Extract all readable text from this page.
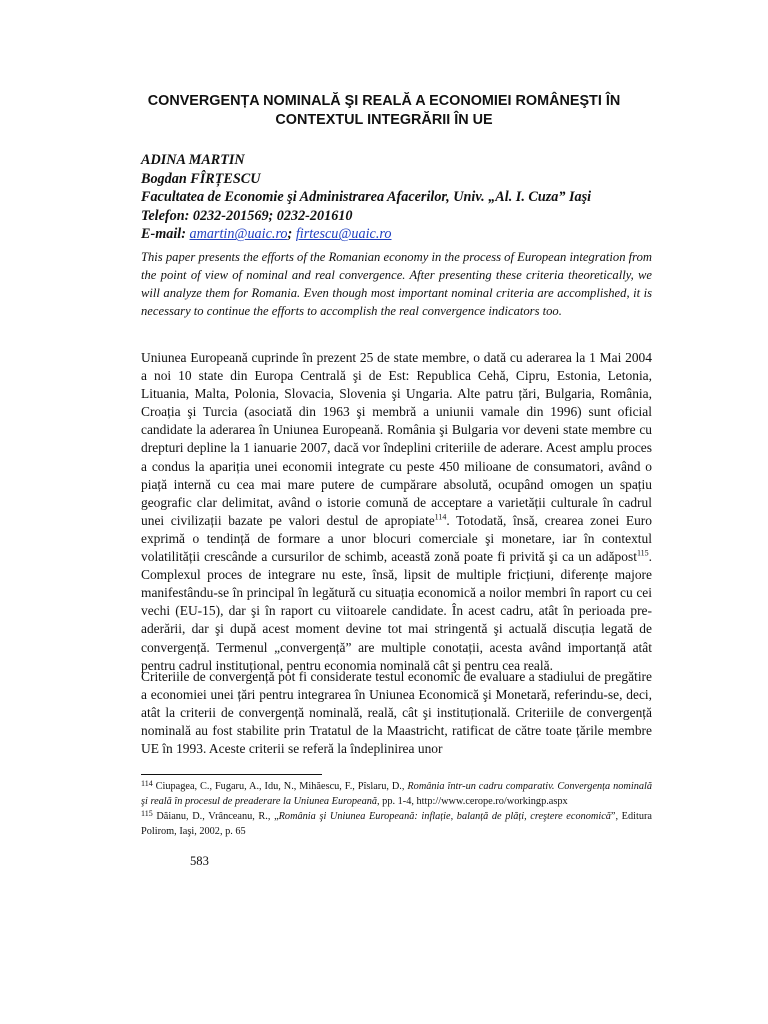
CONVERGENȚA NOMINALĂ ŞI REALĂ A ECONOMIEI ROMÂNEŞTI ÎN
CONTEXTUL INTEGRĂRII ÎN UE
ADINA MARTIN
Bogdan FÎRȚESCU
Facultatea de Economie şi Administrarea Afacerilor, Univ. „Al. I. Cuza” Iaşi
Telefon: 0232-201569; 0232-201610
E-mail: amartin@uaic.ro; firtescu@uaic.ro

This paper presents the efforts of the Romanian economy in the process of European integration from the point of view of nominal and real convergence. After presenting these criteria theoretically, we will analyze them for Romania. Even though most important nominal criteria are accomplished, it is necessary to continue the efforts to accomplish the real convergence indicators too.

Uniunea Europeană cuprinde în prezent 25 de state membre, o dată cu aderarea la 1 Mai 2004 a noi 10 state din Europa Centrală şi de Est: Republica Cehă, Cipru, Estonia, Letonia, Lituania, Malta, Polonia, Slovacia, Slovenia şi Ungaria. Alte patru țări, Bulgaria, România, Croația şi Turcia (asociată din 1963 şi membră a uniunii vamale din 1996) sunt oficial candidate la aderarea în Uniunea Europeană. România şi Bulgaria vor deveni state membre cu drepturi depline la 1 ianuarie 2007, dacă vor îndeplini criteriile de aderare. Acest amplu proces a condus la apariția unei economii integrate cu peste 450 milioane de consumatori, având o piață internă cu cea mai mare putere de cumpărare absolută, ocupând omogen un spațiu geografic clar delimitat, având o istorie comună de acceptare a varietății culturale în cadrul unei civilizații bazate pe valori destul de apropiate$^{114}$. Totodată, însă, crearea zonei Euro exprimă o tendință de formare a unor blocuri comerciale şi monetare, iar în contextul volatilității crescânde a cursurilor de schimb, această zonă poate fi privită şi ca un adăpost$^{115}$. Complexul proces de integrare nu este, însă, lipsit de multiple fricțiuni, diferențe majore manifestându-se în principal în legătură cu situația economică a noilor membri în raport cu cei vechi (EU-15), dar şi în raport cu viitoarele candidate. În acest cadru, atât în perioada pre-aderării, dar şi după acest moment devine tot mai stringentă şi actuală discuția legată de convergență. Termenul „convergență” are multiple conotații, acesta având importanță atât pentru cadrul instituțional, pentru economia nominală cât şi pentru cea reală.

Criteriile de convergență pot fi considerate testul economic de evaluare a stadiului de pregătire a economiei unei țări pentru integrarea în Uniunea Economică şi Monetară, referindu-se, deci, atât la criterii de convergență nominală, reală, cât şi instituțională. Criteriile de convergență nominală au fost stabilite prin Tratatul de la Maastricht, ratificat de către toate țările membre UE în 1993. Aceste criterii se referă la îndeplinirea unor

$^{114}$ Ciupagea, C., Fugaru, A., Idu, N., Mihăescu, F., Pîslaru, D., România într-un cadru comparativ. Convergența nominală şi reală în procesul de preaderare la Uniunea Europeană, pp. 1-4, http://www.cerope.ro/workingp.aspx

$^{115}$ Dăianu, D., Vrânceanu, R., „România şi Uniunea Europeană: inflație, balanță de plăți, creştere economică”, Editura Polirom, Iaşi, 2002, p. 65

583
